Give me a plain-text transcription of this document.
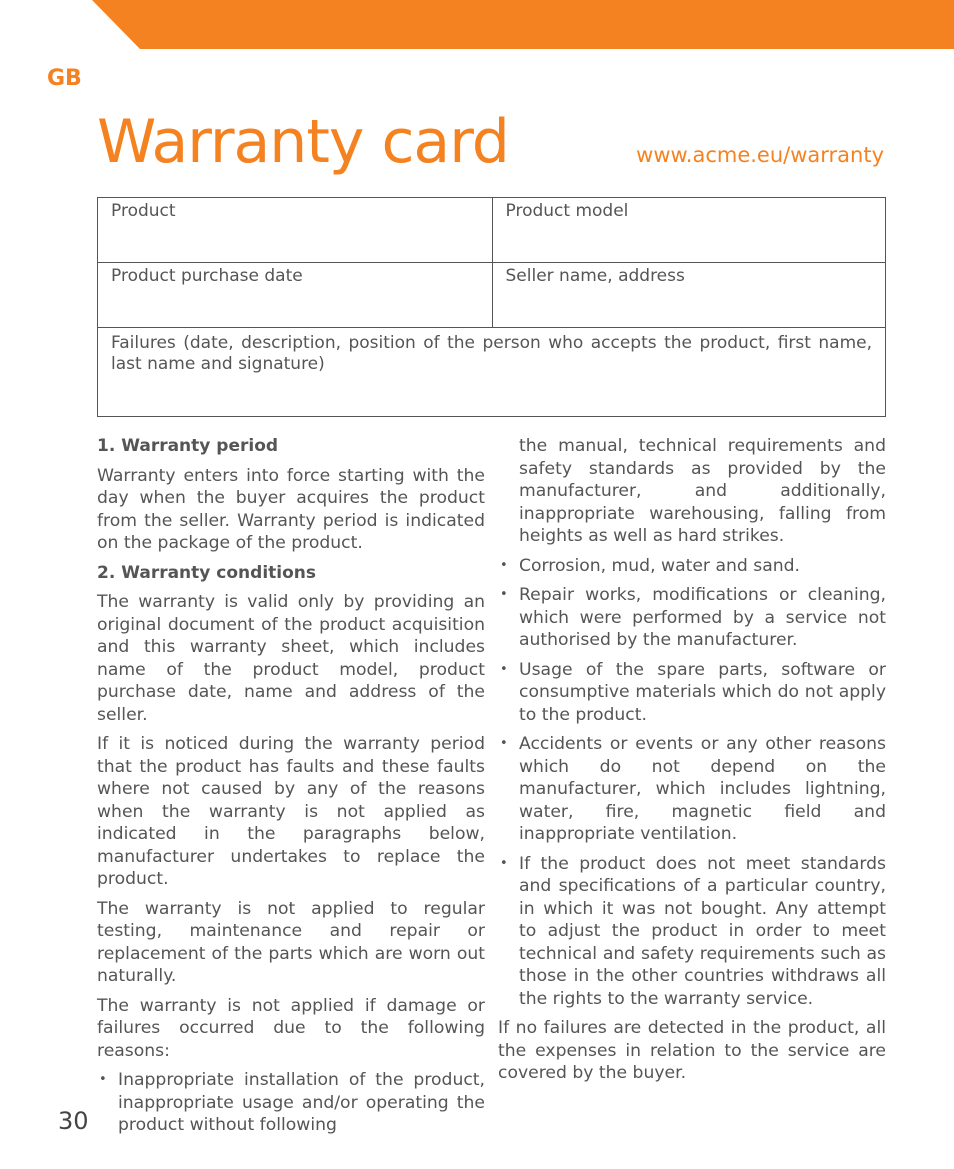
GB
Warranty card	www.acme.eu/warranty
Product	Product model
Product purchase date	Seller name, address
Failures (date, description, position of the person who accepts the product, first name, last name and signature)
1. Warranty period

Warranty enters into force starting with the day when the buyer acquires the product from the seller. Warranty period is indicated on the package of the product.

2. Warranty conditions

The warranty is valid only by providing an original document of the product acquisition and this warranty sheet, which includes name of the product model, product purchase date, name and address of the seller.

If it is noticed during the warranty period that the product has faults and these faults where not caused by any of the reasons when the warranty is not applied as indicated in the paragraphs below, manufacturer undertakes to replace the product.

The warranty is not applied to regular testing, maintenance and repair or replacement of the parts which are worn out naturally.

The warranty is not applied if damage or failures occurred due to the following reasons:

• Inappropriate installation of the product, inappropriate usage and/or operating the product without following
the manual, technical requirements and safety standards as provided by the manufacturer, and additionally, inappropriate warehousing, falling from heights as well as hard strikes.
• Corrosion, mud, water and sand.
• Repair works, modifications or cleaning, which were performed by a service not authorised by the manufacturer.
• Usage of the spare parts, software or consumptive materials which do not apply to the product.
• Accidents or events or any other reasons which do not depend on the manufacturer, which includes lightning, water, fire, magnetic field and inappropriate ventilation.
• If the product does not meet standards and specifications of a particular country, in which it was not bought. Any attempt to adjust the product in order to meet technical and safety requirements such as those in the other countries withdraws all the rights to the warranty service.

If no failures are detected in the product, all the expenses in relation to the service are covered by the buyer.

30
